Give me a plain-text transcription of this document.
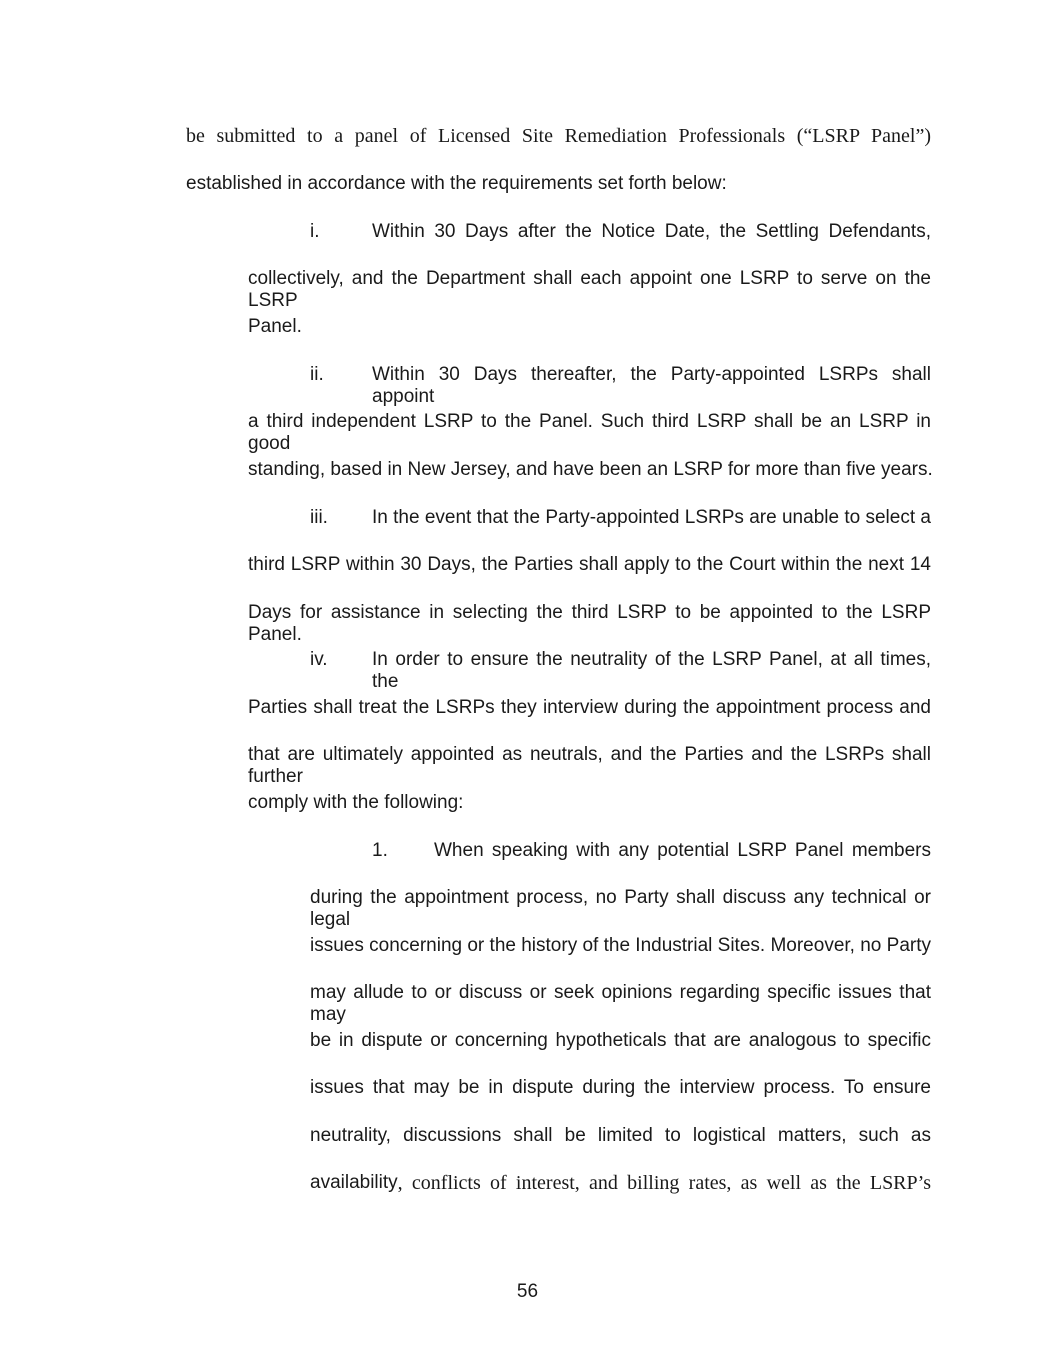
be submitted to a panel of Licensed Site Remediation Professionals (“LSRP Panel”)

established in accordance with the requirements set forth below:

i.	Within 30 Days after the Notice Date, the Settling Defendants,

collectively, and the Department shall each appoint one LSRP to serve on the LSRP

Panel.

ii.	Within 30 Days thereafter, the Party-appointed LSRPs shall appoint

a third independent LSRP to the Panel. Such third LSRP shall be an LSRP in good

standing, based in New Jersey, and have been an LSRP for more than five years.

iii. In the event that the Party-appointed LSRPs are unable to select a

third LSRP within 30 Days, the Parties shall apply to the Court within the next 14

Days for assistance in selecting the third LSRP to be appointed to the LSRP Panel.

iv. In order to ensure the neutrality of the LSRP Panel, at all times, the

Parties shall treat the LSRPs they interview during the appointment process and

that are ultimately appointed as neutrals, and the Parties and the LSRPs shall further

comply with the following:

1. When speaking with any potential LSRP Panel members

during the appointment process, no Party shall discuss any technical or legal

issues concerning or the history of the Industrial Sites. Moreover, no Party

may allude to or discuss or seek opinions regarding specific issues that may

be in dispute or concerning hypotheticals that are analogous to specific

issues that may be in dispute during the interview process. To ensure

neutrality, discussions shall be limited to logistical matters, such as

availability , conflicts of interest, and billing rates, as well as the LSRP’s

56
